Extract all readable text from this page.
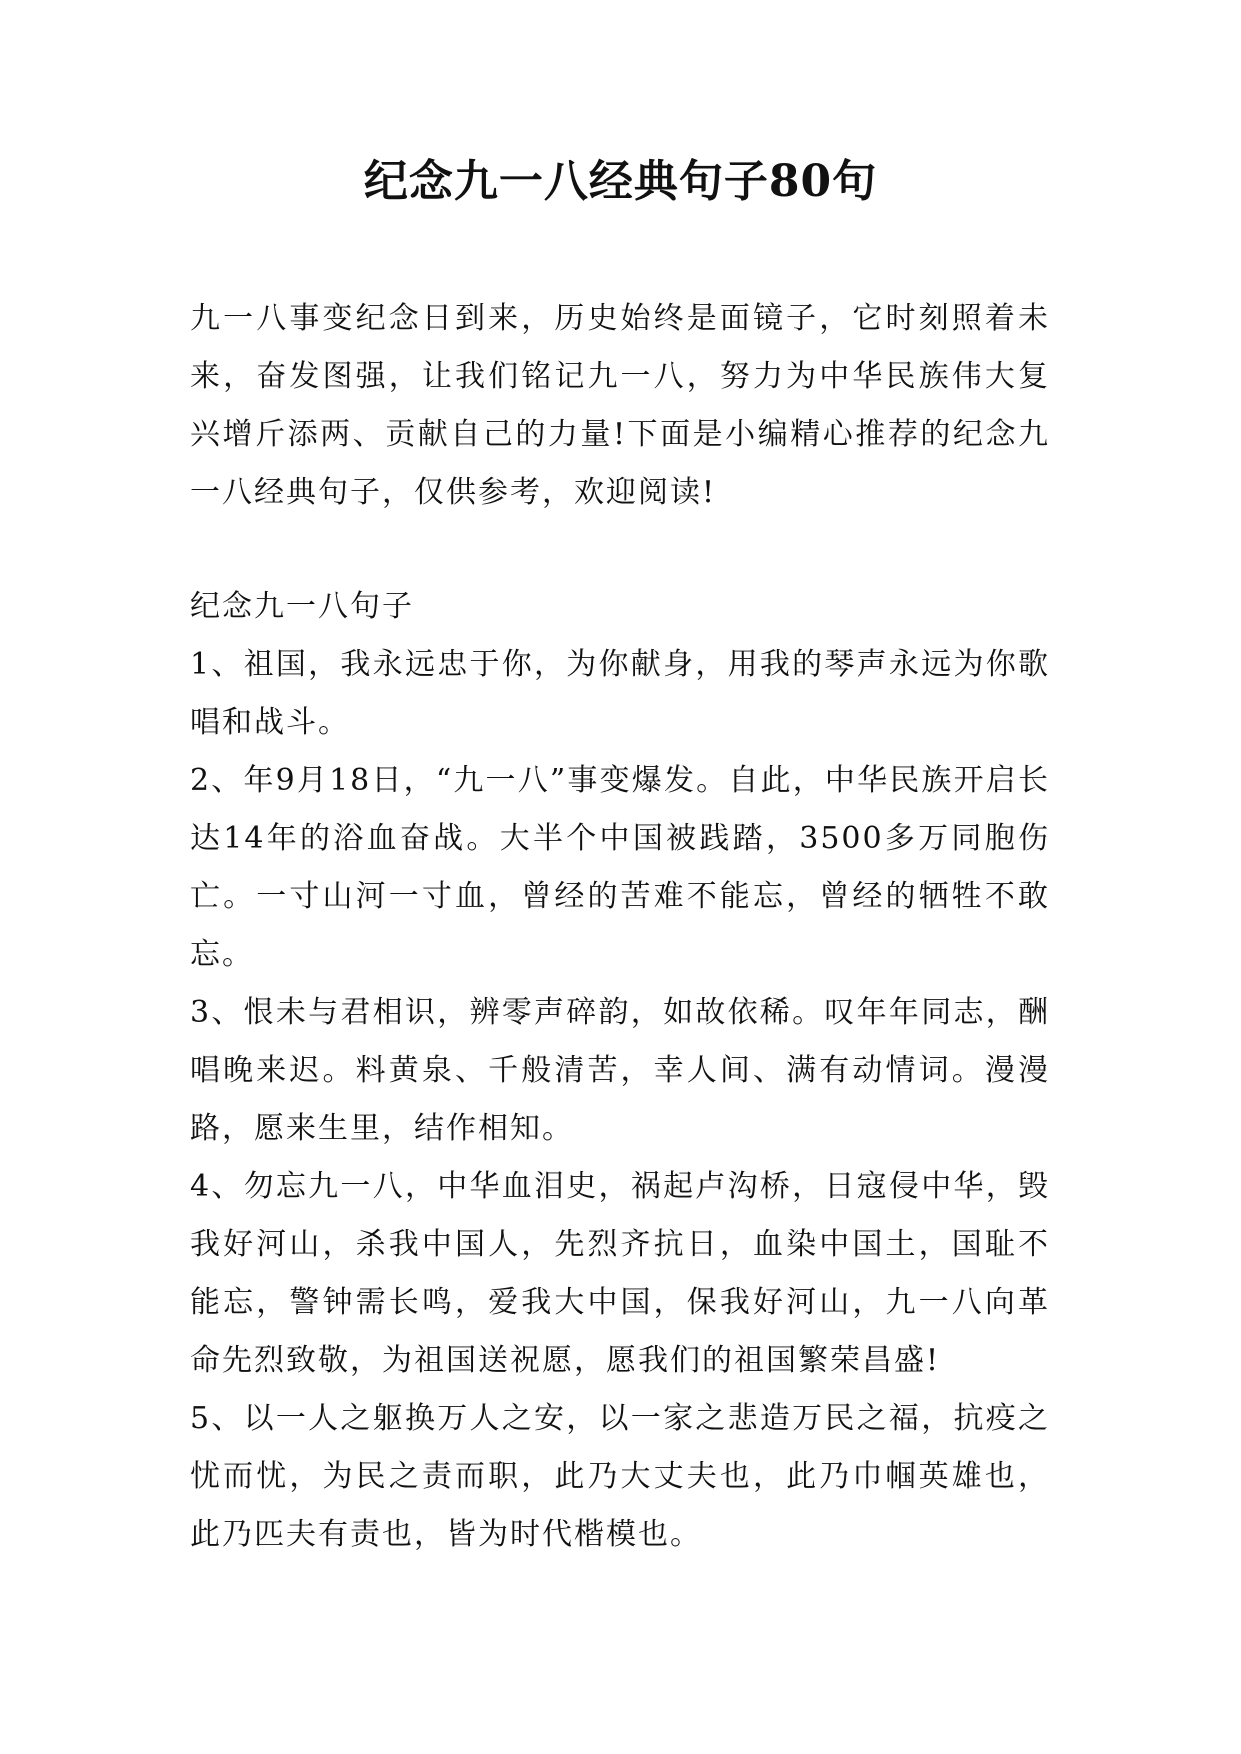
纪念九一八经典句子80句

九一八事变纪念日到来，历史始终是面镜子，它时刻照着未来，奋发图强，让我们铭记九一八，努力为中华民族伟大复兴增斤添两、贡献自己的力量!下面是小编精心推荐的纪念九一八经典句子，仅供参考，欢迎阅读!

纪念九一八句子

1、祖国，我永远忠于你，为你献身，用我的琴声永远为你歌唱和战斗。
2、年9月18日，“九一八”事变爆发。自此，中华民族开启长达14年的浴血奋战。大半个中国被践踏，3500多万同胞伤亡。一寸山河一寸血，曾经的苦难不能忘，曾经的牺牲不敢忘。
3、恨未与君相识，辨零声碎韵，如故依稀。叹年年同志，酬唱晚来迟。料黄泉、千般清苦，幸人间、满有动情词。漫漫路，愿来生里，结作相知。
4、勿忘九一八，中华血泪史，祸起卢沟桥，日寇侵中华，毁我好河山，杀我中国人，先烈齐抗日，血染中国土，国耻不能忘，警钟需长鸣，爱我大中国，保我好河山，九一八向革命先烈致敬，为祖国送祝愿，愿我们的祖国繁荣昌盛!
5、以一人之躯换万人之安，以一家之悲造万民之福，抗疫之忧而忧，为民之责而职，此乃大丈夫也，此乃巾帼英雄也，此乃匹夫有责也，皆为时代楷模也。
